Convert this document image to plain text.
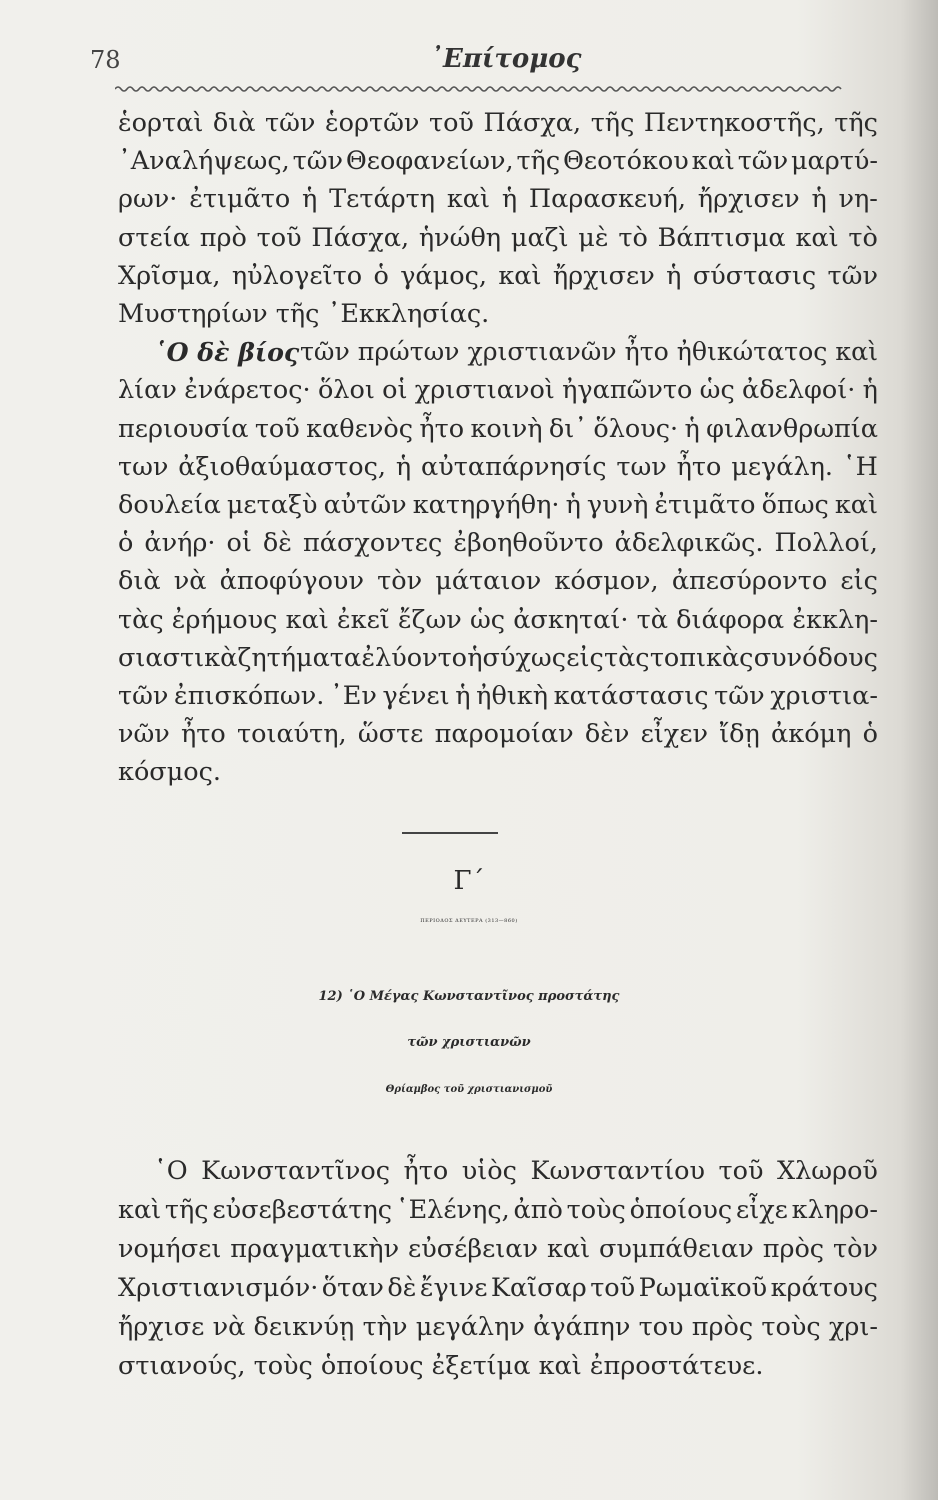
78	᾿Επίτομος
ἑορταὶ διὰ τῶν ἑορτῶν τοῦ Πάσχα, τῆς Πεντηκοστῆς, τῆς
᾿Αναλήψεως, τῶν Θεοφανείων, τῆς Θεοτόκου καὶ τῶν μαρτύ-
ρων· ἐτιμᾶτο ἡ Τετάρτη καὶ ἡ Παρασκευή, ἤρχισεν ἡ νη-
στεία πρὸ τοῦ Πάσχα, ἡνώθη μαζὶ μὲ τὸ Βάπτισμα καὶ τὸ
Χρῖσμα, ηὐλογεῖτο ὁ γάμος, καὶ ἤρχισεν ἡ σύστασις τῶν
Μυστηρίων τῆς ᾿Εκκλησίας.
῾Ο δὲ βίος τῶν πρώτων χριστιανῶν ἦτο ἠθικώτατος καὶ
λίαν ἐνάρετος· ὅλοι οἱ χριστιανοὶ ἠγαπῶντο ὡς ἀδελφοί· ἡ
περιουσία τοῦ καθενὸς ἦτο κοινὴ δι᾿ ὅλους· ἡ φιλανθρωπία
των ἀξιοθαύμαστος, ἡ αὐταπάρνησίς των ἦτο μεγάλη. ῾Η
δουλεία μεταξὺ αὐτῶν κατηργήθη· ἡ γυνὴ ἐτιμᾶτο ὅπως καὶ
ὁ ἀνήρ· οἱ δὲ πάσχοντες ἐβοηθοῦντο ἀδελφικῶς. Πολλοί,
διὰ νὰ ἀποφύγουν τὸν μάταιον κόσμον, ἀπεσύροντο εἰς
τὰς ἐρήμους καὶ ἐκεῖ ἔζων ὡς ἀσκηταί· τὰ διάφορα ἐκκλη-
σιαστικὰ ζητήματα ἐλύοντο ἡσύχως εἰς τὰς τοπικὰς συνόδους
τῶν ἐπισκόπων. ᾿Εν γένει ἡ ἠθικὴ κατάστασις τῶν χριστια-
νῶν ἦτο τοιαύτη, ὥστε παρομοίαν δὲν εἶχεν ἴδῃ ἀκόμη ὁ
κόσμος.
Γ´
ΠΕΡΙΟΔΟΣ ΔΕΥΤΕΡΑ (313—860)
12) ῾Ο Μέγας Κωνσταντῖνος προστάτης
τῶν χριστιανῶν
Θρίαμβος τοῦ χριστιανισμοῦ
῾Ο Κωνσταντῖνος ἦτο υἱὸς Κωνσταντίου τοῦ Χλωροῦ
καὶ τῆς εὐσεβεστάτης ῾Ελένης, ἀπὸ τοὺς ὁποίους εἶχε κληρο-
νομήσει πραγματικὴν εὐσέβειαν καὶ συμπάθειαν πρὸς τὸν
Χριστιανισμόν· ὅταν δὲ ἔγινε Καῖσαρ τοῦ Ρωμαϊκοῦ κράτους
ἤρχισε νὰ δεικνύῃ τὴν μεγάλην ἀγάπην του πρὸς τοὺς χρι-
στιανούς, τοὺς ὁποίους ἐξετίμα καὶ ἐπροστάτευε.
